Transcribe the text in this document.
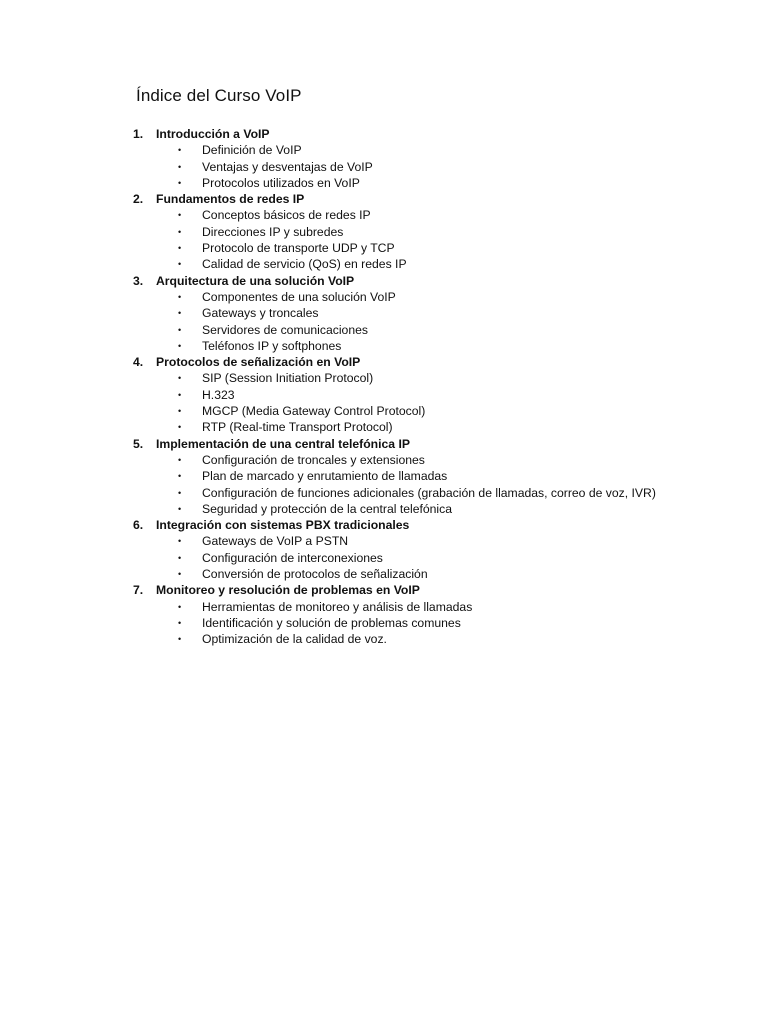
Índice del Curso VoIP
1. Introducción a VoIP
• Definición de VoIP
• Ventajas y desventajas de VoIP
• Protocolos utilizados en VoIP
2. Fundamentos de redes IP
• Conceptos básicos de redes IP
• Direcciones IP y subredes
• Protocolo de transporte UDP y TCP
• Calidad de servicio (QoS) en redes IP
3. Arquitectura de una solución VoIP
• Componentes de una solución VoIP
• Gateways y troncales
• Servidores de comunicaciones
• Teléfonos IP y softphones
4. Protocolos de señalización en VoIP
• SIP (Session Initiation Protocol)
• H.323
• MGCP (Media Gateway Control Protocol)
• RTP (Real-time Transport Protocol)
5. Implementación de una central telefónica IP
• Configuración de troncales y extensiones
• Plan de marcado y enrutamiento de llamadas
• Configuración de funciones adicionales (grabación de llamadas, correo de voz, IVR)
• Seguridad y protección de la central telefónica
6. Integración con sistemas PBX tradicionales
• Gateways de VoIP a PSTN
• Configuración de interconexiones
• Conversión de protocolos de señalización
7. Monitoreo y resolución de problemas en VoIP
• Herramientas de monitoreo y análisis de llamadas
• Identificación y solución de problemas comunes
• Optimización de la calidad de voz.
